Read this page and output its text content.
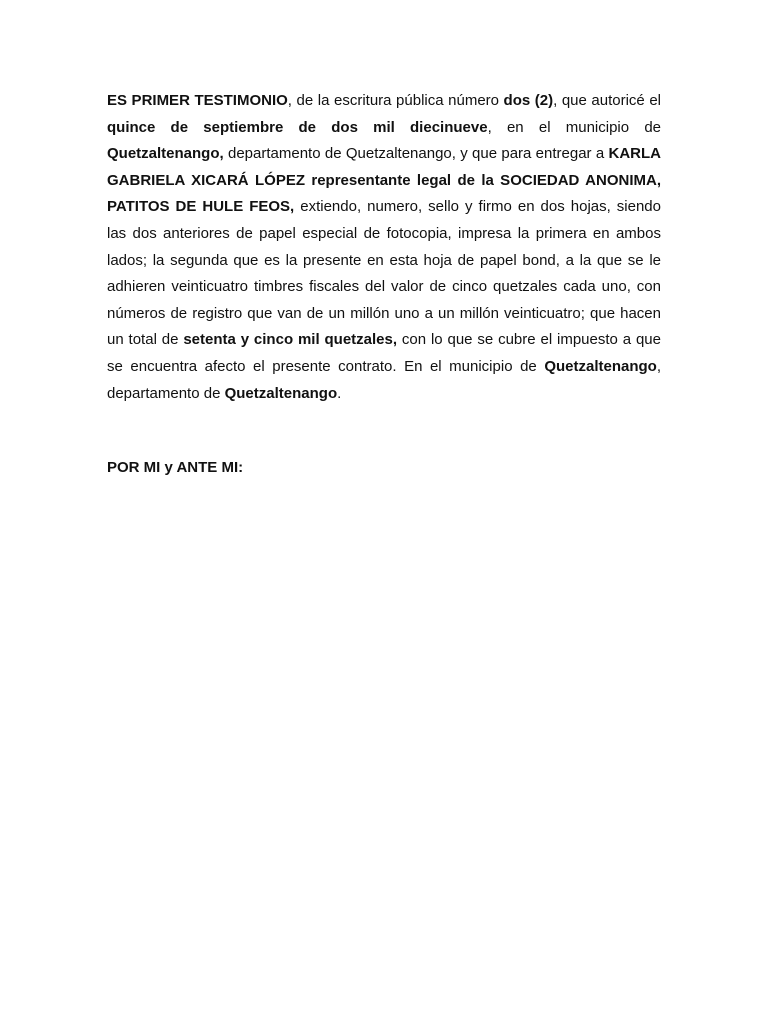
ES PRIMER TESTIMONIO, de la escritura pública número dos (2), que autoricé el quince de septiembre de dos mil diecinueve, en el municipio de Quetzaltenango, departamento de Quetzaltenango, y que para entregar a KARLA GABRIELA XICARÁ LÓPEZ representante legal de la SOCIEDAD ANONIMA, PATITOS DE HULE FEOS, extiendo, numero, sello y firmo en dos hojas, siendo las dos anteriores de papel especial de fotocopia, impresa la primera en ambos lados; la segunda que es la presente en esta hoja de papel bond, a la que se le adhieren veinticuatro timbres fiscales del valor de cinco quetzales cada uno, con números de registro que van de un millón uno a un millón veinticuatro; que hacen un total de setenta y cinco mil quetzales, con lo que se cubre el impuesto a que se encuentra afecto el presente contrato. En el municipio de Quetzaltenango, departamento de Quetzaltenango.

POR MI y ANTE MI:
